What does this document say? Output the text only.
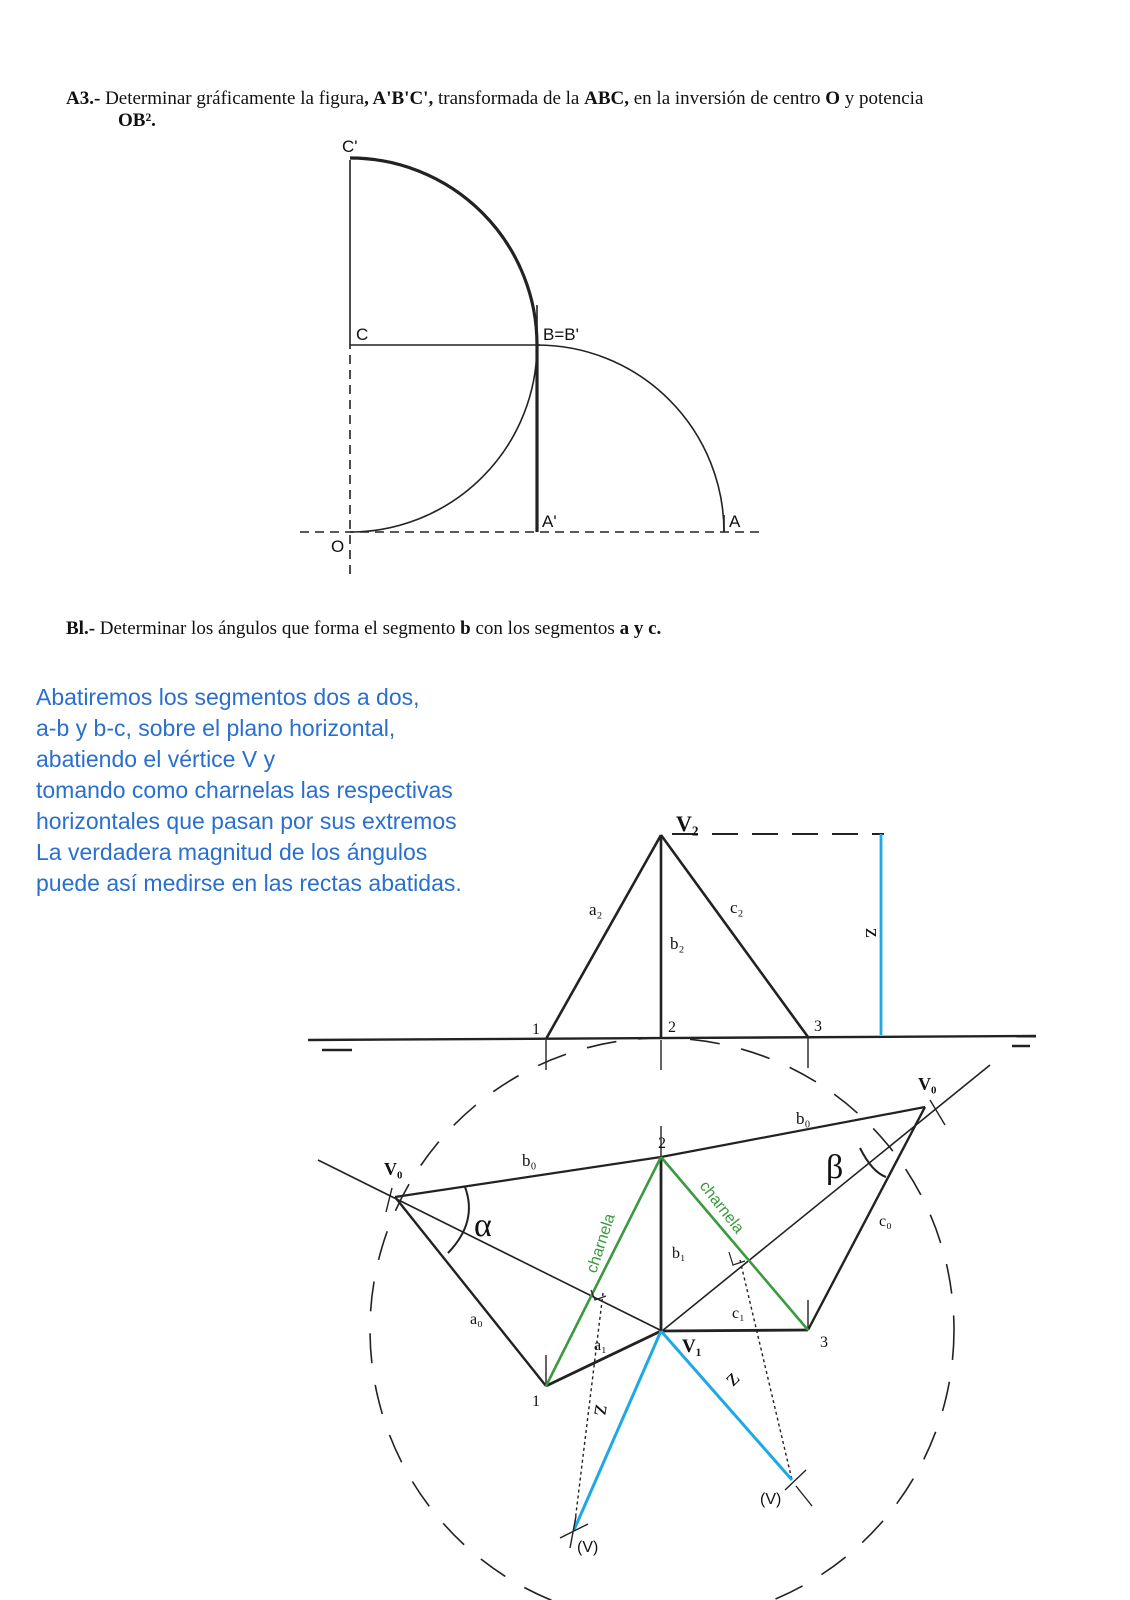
A3.- Determinar gráficamente la figura, A'B'C', transformada de la ABC, en la inversión de centro O y potencia
OB².
Bl.- Determinar los ángulos que forma el segmento b con los segmentos a y c.
Abatiremos los segmentos dos a dos,
a-b y b-c, sobre el plano horizontal,
abatiendo el vértice V y
tomando como charnelas las respectivas
horizontales que pasan por sus extremos
La verdadera magnitud de los ángulos
puede así medirse en las rectas abatidas.
C'
C	B=B'
A'	A
O
V₂
a₂
b₂
c₂
z
1	2	3
V₀
V₀
b₀
b₀
2
α
β
charnela
charnela
a₀
c₀
b₁
a₁
c₁
V₁
1
3
z
z
(V)
(V)
